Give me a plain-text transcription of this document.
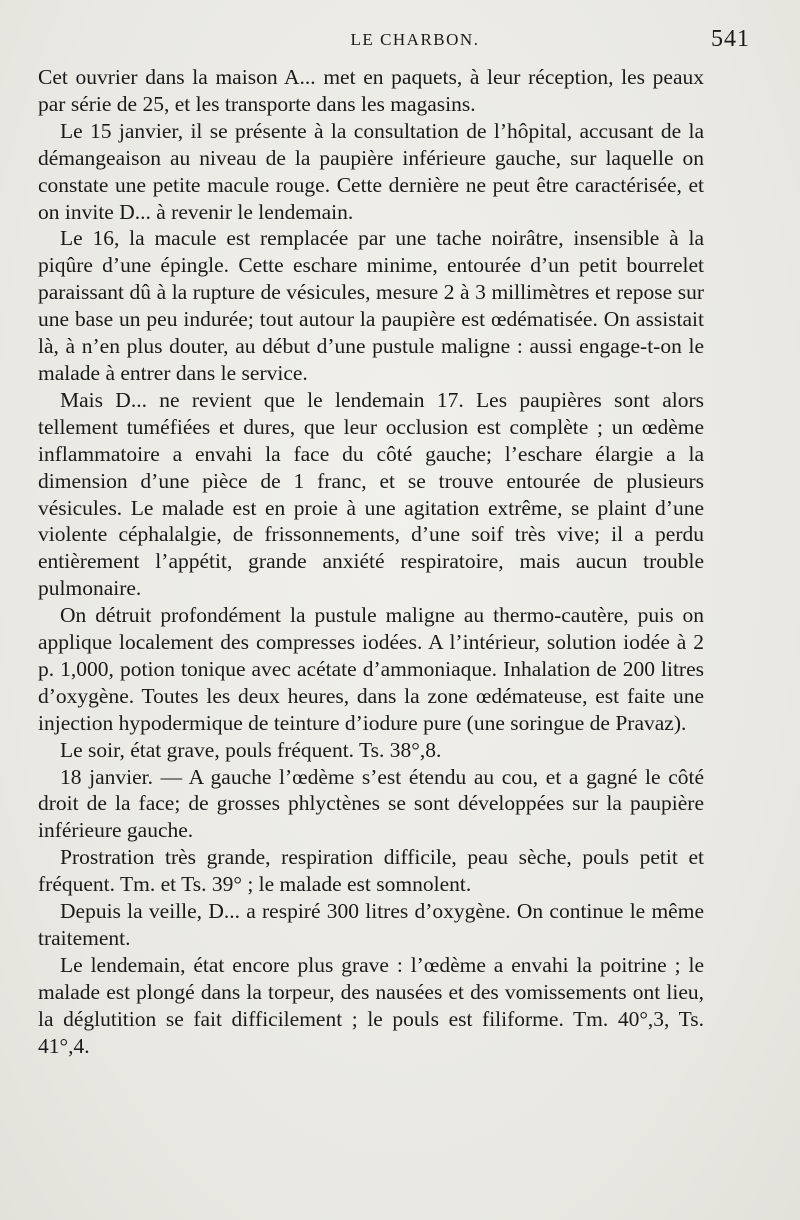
LE CHARBON.	541

Cet ouvrier dans la maison A... met en paquets, à leur réception, les peaux par série de 25, et les transporte dans les magasins.

Le 15 janvier, il se présente à la consultation de l’hôpital, accusant de la démangeaison au niveau de la paupière inférieure gauche, sur laquelle on constate une petite macule rouge. Cette dernière ne peut être caractérisée, et on invite D... à revenir le lendemain.

Le 16, la macule est remplacée par une tache noirâtre, insensible à la piqûre d’une épingle. Cette eschare minime, entourée d’un petit bourrelet paraissant dû à la rupture de vésicules, mesure 2 à 3 millimètres et repose sur une base un peu indurée; tout autour la paupière est œdématisée. On assistait là, à n’en plus douter, au début d’une pustule maligne : aussi engage-t-on le malade à entrer dans le service.

Mais D... ne revient que le lendemain 17. Les paupières sont alors tellement tuméfiées et dures, que leur occlusion est complète ; un œdème inflammatoire a envahi la face du côté gauche; l’eschare élargie a la dimension d’une pièce de 1 franc, et se trouve entourée de plusieurs vésicules. Le malade est en proie à une agitation extrême, se plaint d’une violente céphalalgie, de frissonnements, d’une soif très vive; il a perdu entièrement l’appétit, grande anxiété respiratoire, mais aucun trouble pulmonaire.

On détruit profondément la pustule maligne au thermo-cautère, puis on applique localement des compresses iodées. A l’intérieur, solution iodée à 2 p. 1,000, potion tonique avec acétate d’ammoniaque. Inhalation de 200 litres d’oxygène. Toutes les deux heures, dans la zone œdémateuse, est faite une injection hypodermique de teinture d’iodure pure (une soringue de Pravaz).

Le soir, état grave, pouls fréquent. Ts. 38°,8.

18 janvier. — A gauche l’œdème s’est étendu au cou, et a gagné le côté droit de la face; de grosses phlyctènes se sont développées sur la paupière inférieure gauche.

Prostration très grande, respiration difficile, peau sèche, pouls petit et fréquent. Tm. et Ts. 39° ; le malade est somnolent.

Depuis la veille, D... a respiré 300 litres d’oxygène. On continue le même traitement.

Le lendemain, état encore plus grave : l’œdème a envahi la poitrine ; le malade est plongé dans la torpeur, des nausées et des vomissements ont lieu, la déglutition se fait difficilement ; le pouls est filiforme. Tm. 40°,3, Ts. 41°,4.
